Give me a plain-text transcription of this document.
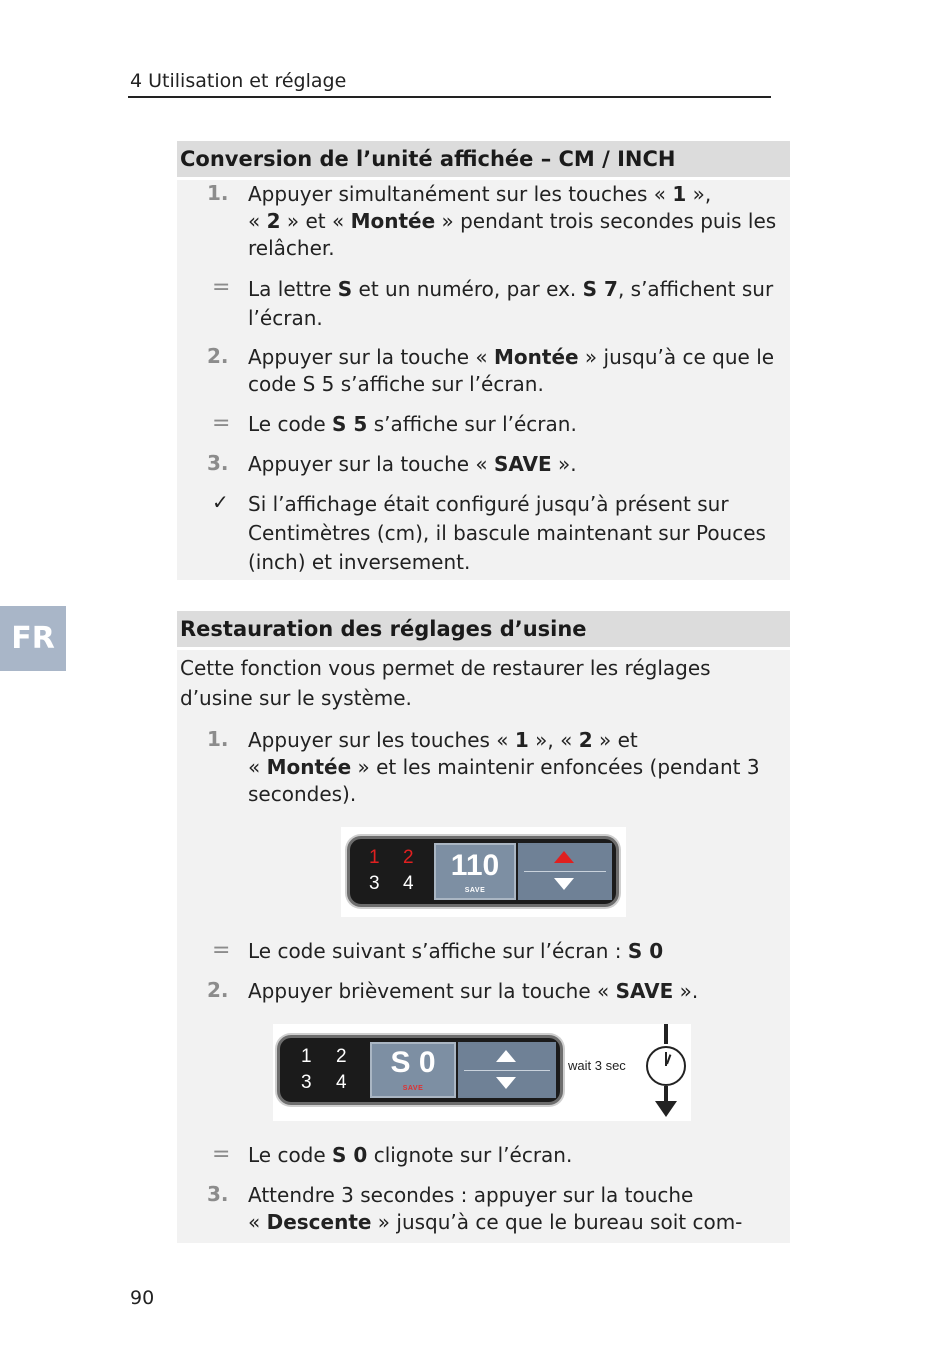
4 Utilisation et réglage
FR
Conversion de l’unité affichée – CM / INCH
1. Appuyer simultanément sur les touches « 1 »,
« 2 » et « Montée » pendant trois secondes puis les relâcher.
= La lettre S et un numéro, par ex. S 7, s’affichent sur l’écran.
2. Appuyer sur la touche « Montée » jusqu’à ce que le code S 5 s’affiche sur l’écran.
= Le code S 5 s’affiche sur l’écran.
3. Appuyer sur la touche « SAVE ».
✓ Si l’affichage était configuré jusqu’à présent sur Centimètres (cm), il bascule maintenant sur Pouces (inch) et inversement.
Restauration des réglages d’usine
Cette fonction vous permet de restaurer les réglages d’usine sur le système.
1. Appuyer sur les touches « 1 », « 2 » et
« Montée » et les maintenir enfoncées (pendant 3 secondes).
1 2
3 4
110
SAVE
= Le code suivant s’affiche sur l’écran : S 0
2. Appuyer brièvement sur la touche « SAVE ».
1 2
3 4
S 0
SAVE
wait 3 sec
= Le code S 0 clignote sur l’écran.
3. Attendre 3 secondes : appuyer sur la touche
« Descente » jusqu’à ce que le bureau soit com-
90
